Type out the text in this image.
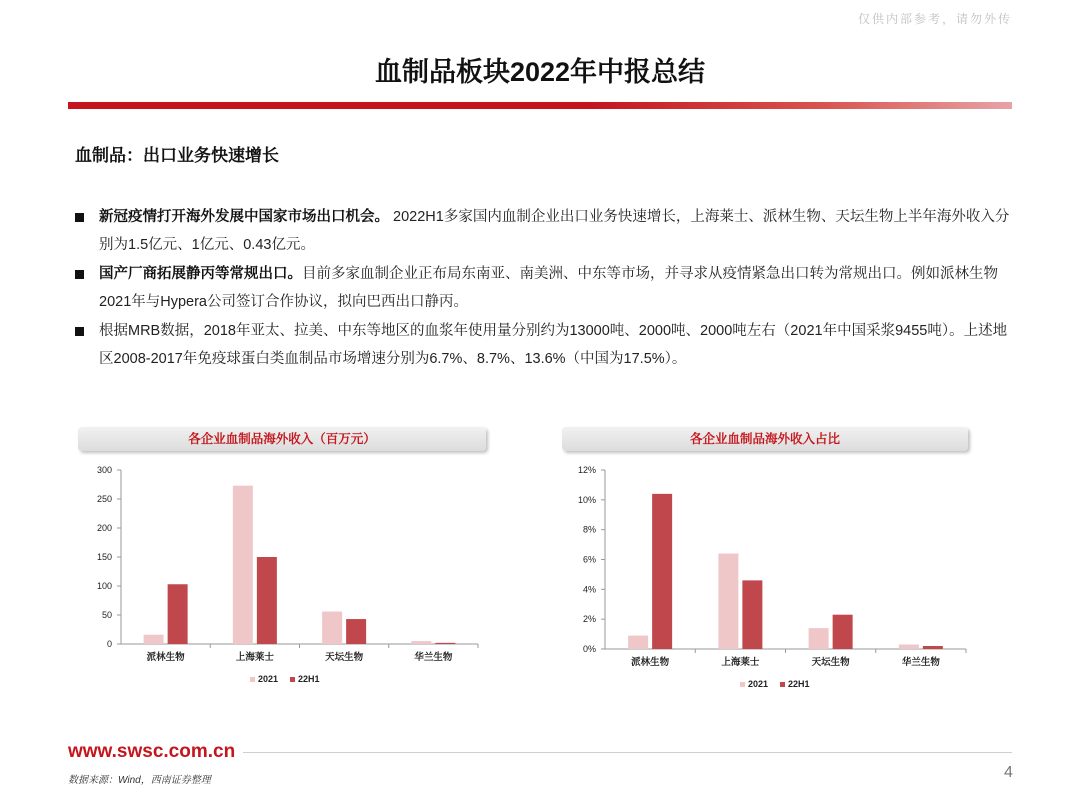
仅供内部参考，请勿外传
血制品板块2022年中报总结
血制品：出口业务快速增长
新冠疫情打开海外发展中国家市场出口机会。 2022H1多家国内血制企业出口业务快速增长，上海莱士、派林生物、天坛生物上半年海外收入分别为1.5亿元、1亿元、0.43亿元。
国产厂商拓展静丙等常规出口。目前多家血制企业正布局东南亚、南美洲、中东等市场，并寻求从疫情紧急出口转为常规出口。例如派林生物2021年与Hypera公司签订合作协议，拟向巴西出口静丙。
根据MRB数据，2018年亚太、拉美、中东等地区的血浆年使用量分别约为13000吨、2000吨、2000吨左右（2021年中国采浆9455吨）。上述地区2008-2017年免疫球蛋白类血制品市场增速分别为6.7%、8.7%、13.6%（中国为17.5%）。
各企业血制品海外收入（百万元）
300
250
200
150
100
50
0
派林生物	上海莱士	天坛生物	华兰生物
2021 22H1
各企业血制品海外收入占比
12%
10%
8%
6%
4%
2%
0%
派林生物	上海莱士	天坛生物	华兰生物
2021 22H1
www.swsc.com.cn
数据来源：Wind，西南证券整理	4
